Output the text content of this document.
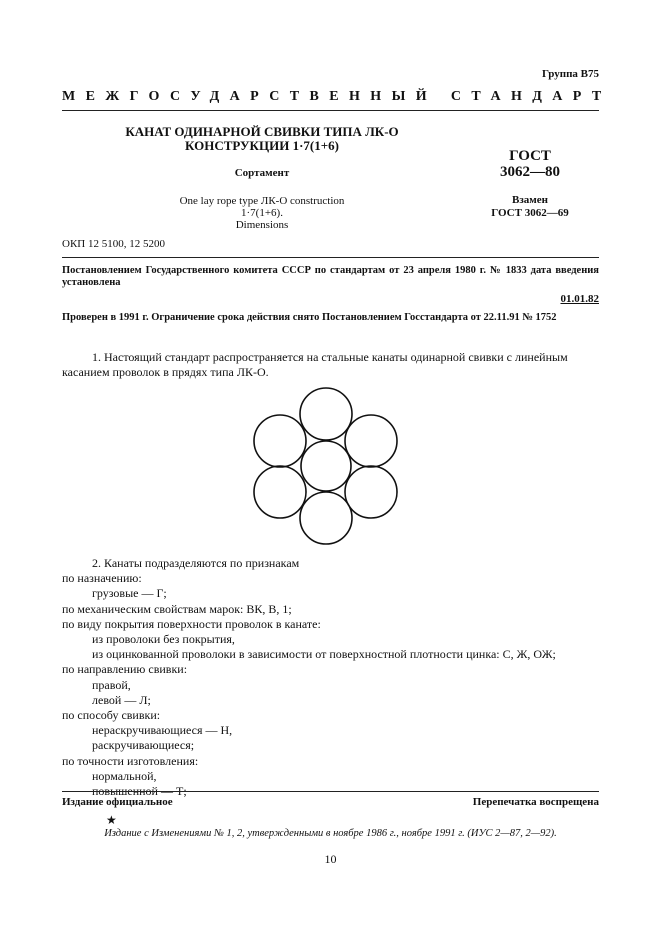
Группа В75
МЕЖГОСУДАРСТВЕННЫЙ СТАНДАРТ
КАНАТ ОДИНАРНОЙ СВИВКИ ТИПА ЛК-О
КОНСТРУКЦИИ 1·7(1+6)
Сортамент
One lay rope type ЛК-О construction
1·7(1+6).
Dimensions
ГОСТ
3062—80
Взамен
ГОСТ 3062—69
ОКП 12 5100, 12 5200
Постановлением Государственного комитета СССР по стандартам от 23 апреля 1980 г. № 1833 дата введения установлена
01.01.82
Проверен в 1991 г. Ограничение срока действия снято Постановлением Госстандарта от 22.11.91 № 1752
1. Настоящий стандарт распространяется на стальные канаты одинарной свивки с линейным касанием проволок в прядях типа ЛК-О.
2. Канаты подразделяются по признакам
по назначению:
грузовые — Г;
по механическим свойствам марок: ВК, В, 1;
по виду покрытия поверхности проволок в канате:
из проволоки без покрытия,
из оцинкованной проволоки в зависимости от поверхностной плотности цинка: С, Ж, ОЖ;
по направлению свивки:
правой,
левой — Л;
по способу свивки:
нераскручивающиеся — Н,
раскручивающиеся;
по точности изготовления:
нормальной,
повышенной — Т;
Издание официальное	Перепечатка воспрещена
★
Издание с Изменениями № 1, 2, утвержденными в ноябре 1986 г., ноябре 1991 г. (ИУС 2—87, 2—92).
10
